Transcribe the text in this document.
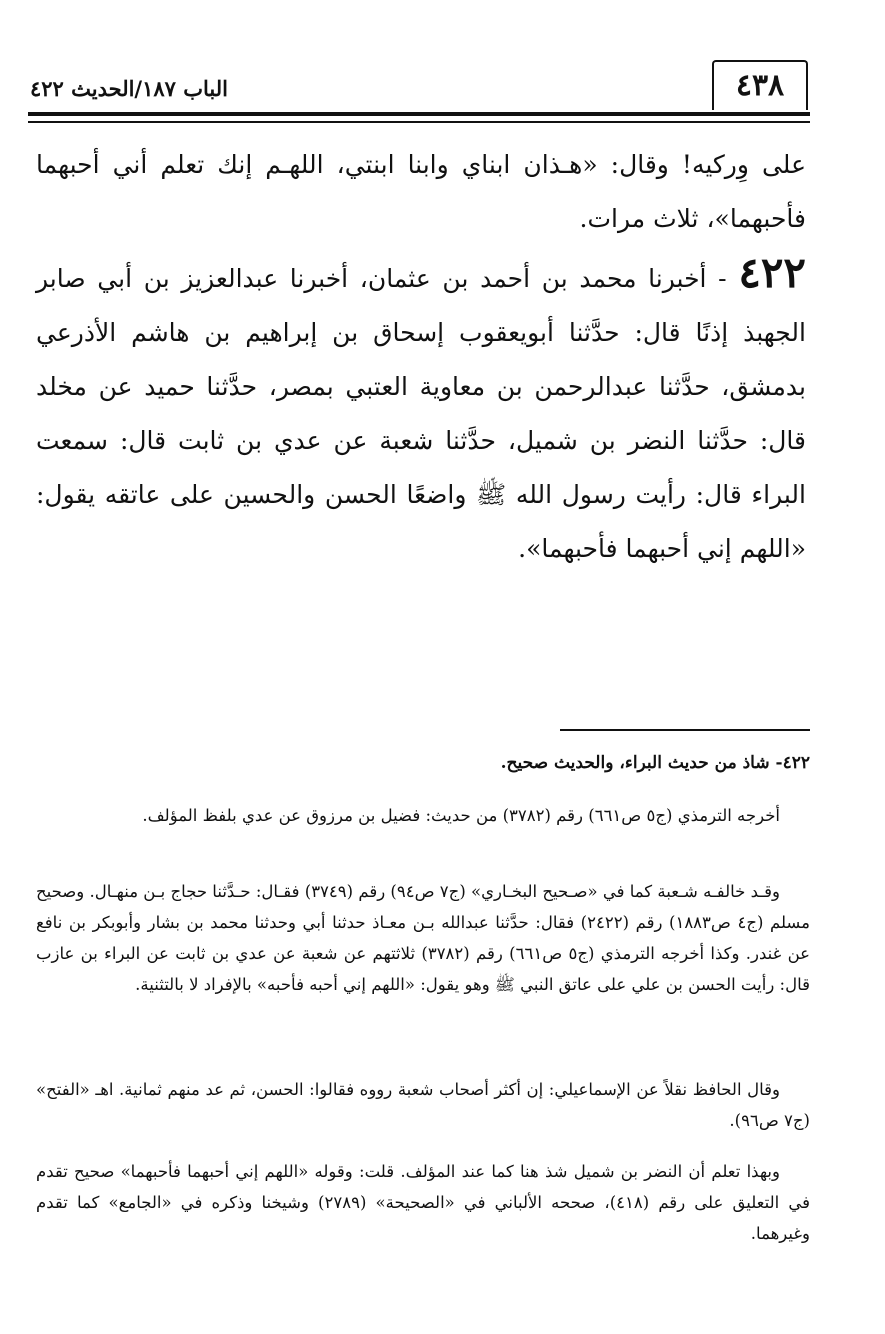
الباب ١٨٧/الحديث ٤٢٢	٤٣٨

على وِركيه! وقال: «هـذان ابناي وابنا ابنتي، اللهـم إنك تعلم أني أحبهما فأحبهما»، ثلاث مرات.

٤٢٢ - أخبرنا محمد بن أحمد بن عثمان، أخبرنا عبدالعزيز بن أبي صابر الجهبذ إذنًا قال: حدَّثنا أبويعقوب إسحاق بن إبراهيم بن هاشم الأذرعي بدمشق، حدَّثنا عبدالرحمن بن معاوية العتبي بمصر، حدَّثنا حميد عن مخلد قال: حدَّثنا النضر بن شميل، حدَّثنا شعبة عن عدي بن ثابت قال: سمعت البراء قال: رأيت رسول الله ﷺ واضعًا الحسن والحسين على عاتقه يقول: «اللهم إني أحبهما فأحبهما».

٤٢٢- شاذ من حديث البراء، والحديث صحيح.

أخرجه الترمذي (ج٥ ص٦٦١) رقم (٣٧٨٢) من حديث: فضيل بن مرزوق عن عدي بلفظ المؤلف.

وقـد خالفـه شـعبة كما في «صـحيح البخـاري» (ج٧ ص٩٤) رقم (٣٧٤٩) فقـال: حـدَّثنا حجاج بـن منهـال. وصحيح مسلم (ج٤ ص١٨٨٣) رقم (٢٤٢٢) فقال: حدَّثنا عبدالله بـن معـاذ حدثنا أبي وحدثنا محمد بن بشار وأبوبكر بن نافع عن غندر. وكذا أخرجه الترمذي (ج٥ ص٦٦١) رقم (٣٧٨٢) ثلاثتهم عن شعبة عن عدي بن ثابت عن البراء بن عازب قال: رأيت الحسن بن علي على عاتق النبي ﷺ وهو يقول: «اللهم إني أحبه فأحبه» بالإفراد لا بالتثنية.

وقال الحافظ نقلاً عن الإسماعيلي: إن أكثر أصحاب شعبة رووه فقالوا: الحسن، ثم عد منهم ثمانية. اهـ «الفتح» (ج٧ ص٩٦).

وبهذا تعلم أن النضر بن شميل شذ هنا كما عند المؤلف. قلت: وقوله «اللهم إني أحبهما فأحبهما» صحيح تقدم في التعليق على رقم (٤١٨)، صححه الألباني في «الصحيحة» (٢٧٨٩) وشيخنا وذكره في «الجامع» كما تقدم وغيرهما.
